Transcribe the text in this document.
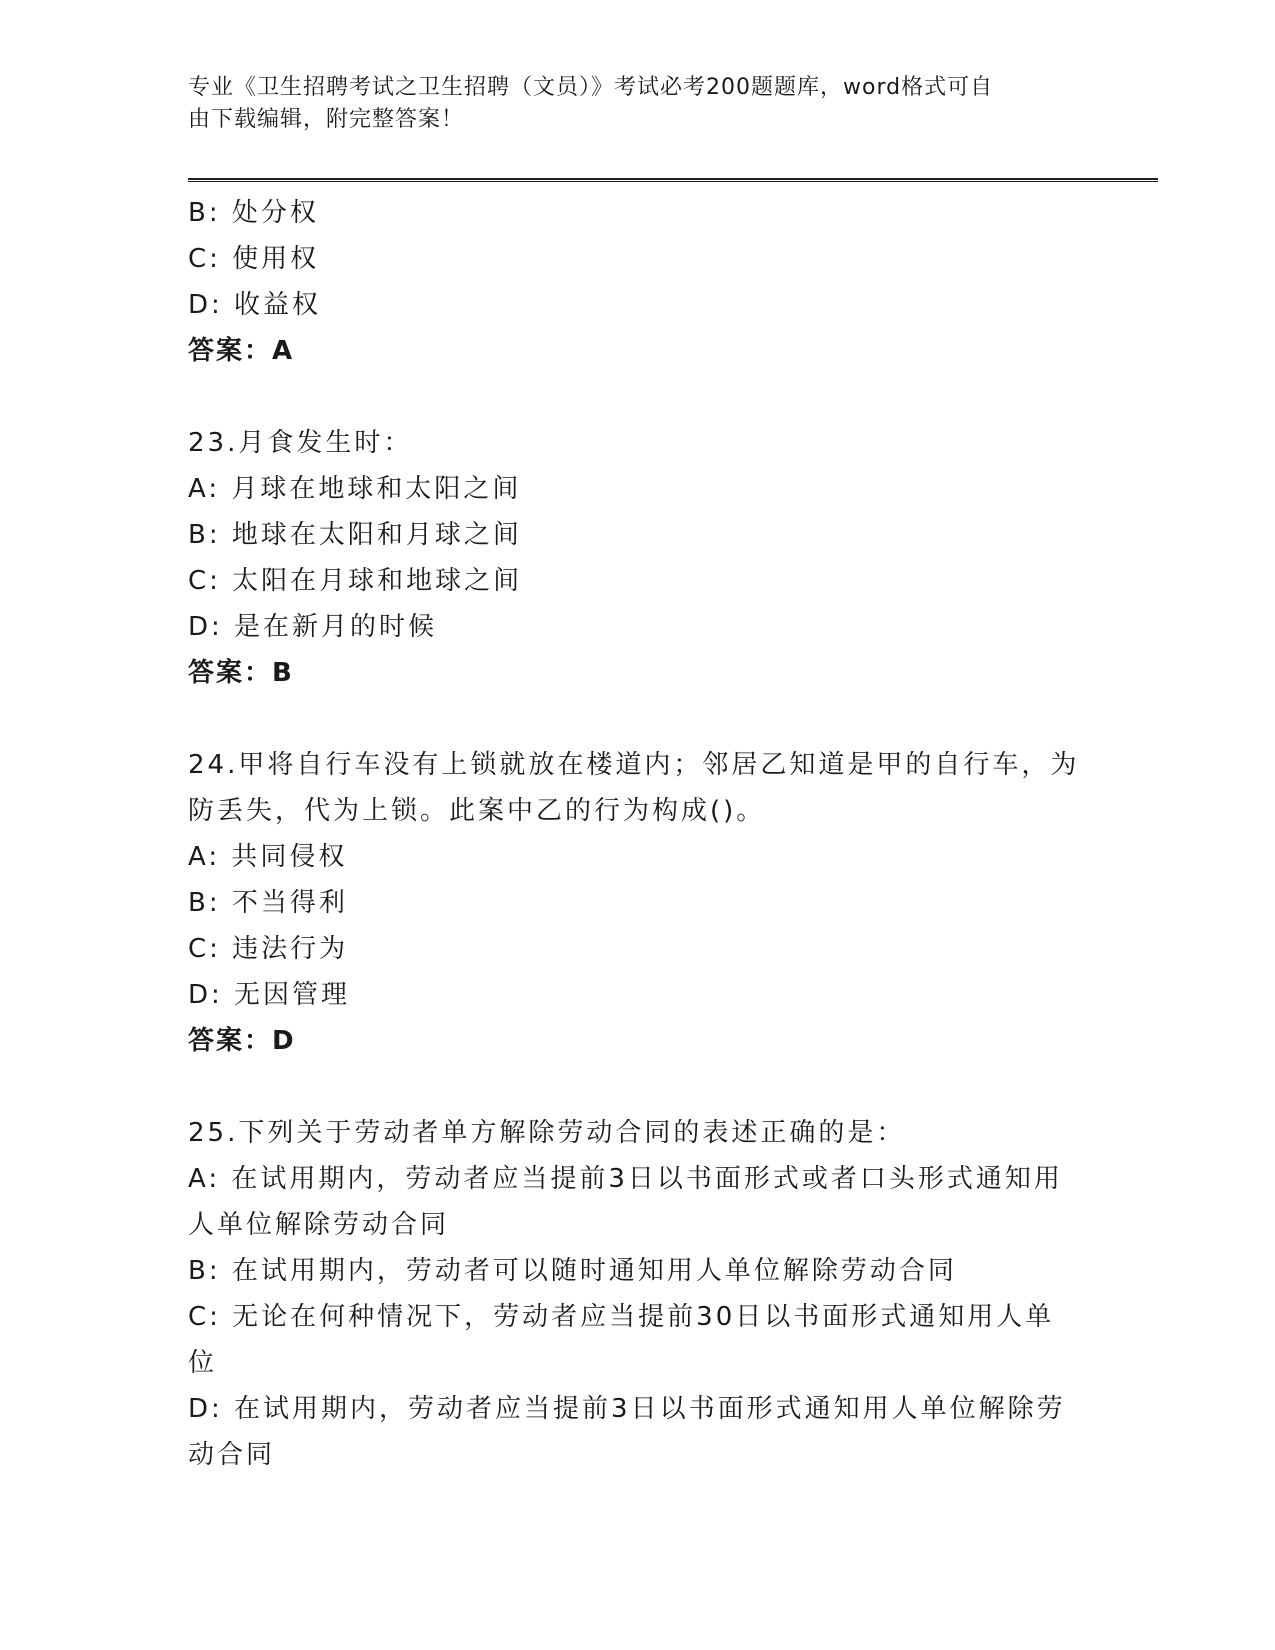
专业《卫生招聘考试之卫生招聘（文员）》考试必考200题题库，word格式可自
由下载编辑，附完整答案！
B: 处分权
C: 使用权
D: 收益权
答案：A
23.月食发生时：
A: 月球在地球和太阳之间
B: 地球在太阳和月球之间
C: 太阳在月球和地球之间
D: 是在新月的时候
答案：B
24.甲将自行车没有上锁就放在楼道内；邻居乙知道是甲的自行车，为
防丢失，代为上锁。此案中乙的行为构成()。
A: 共同侵权
B: 不当得利
C: 违法行为
D: 无因管理
答案：D
25.下列关于劳动者单方解除劳动合同的表述正确的是：
A: 在试用期内，劳动者应当提前3日以书面形式或者口头形式通知用
人单位解除劳动合同
B: 在试用期内，劳动者可以随时通知用人单位解除劳动合同
C: 无论在何种情况下，劳动者应当提前30日以书面形式通知用人单
位
D: 在试用期内，劳动者应当提前3日以书面形式通知用人单位解除劳
动合同
